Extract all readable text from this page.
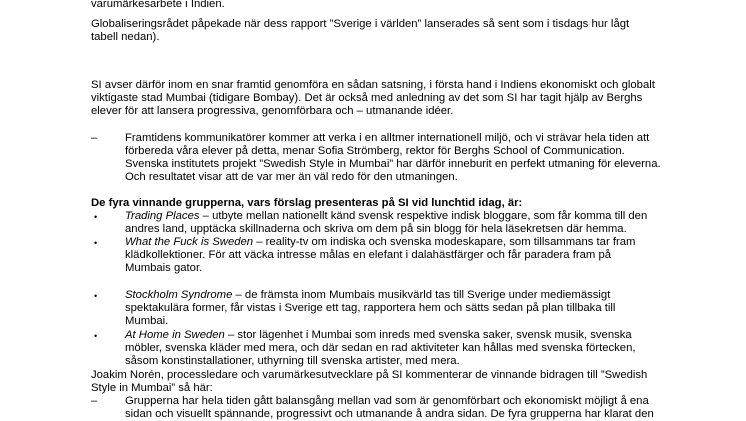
varumärkesarbete i Indien.

Globaliseringsrådet påpekade när dess rapport ”Sverige i världen” lanserades så sent som i tisdags hur lågt
tabell nedan).

SI avser därför inom en snar framtid genomföra en sådan satsning, i första hand i Indiens ekonomiskt och globalt
viktigaste stad Mumbai (tidigare Bombay). Det är också med anledning av det som SI har tagit hjälp av Berghs
elever för att lansera progressiva, genomförbara och – utmanande idéer.

– Framtidens kommunikatörer kommer att verka i en alltmer internationell miljö, och vi strävar hela tiden att
förbereda våra elever på detta, menar Sofia Strömberg, rektor för Berghs School of Communication.
Svenska institutets projekt ”Swedish Style in Mumbai” har därför inneburit en perfekt utmaning för eleverna.
Och resultatet visar att de var mer än väl redo för den utmaningen.

De fyra vinnande grupperna, vars förslag presenteras på SI vid lunchtid idag, är:

• Trading Places – utbyte mellan nationellt känd svensk respektive indisk bloggare, som får komma till den
andres land, upptäcka skillnaderna och skriva om dem på sin blogg för hela läsekretsen där hemma.

• What the Fuck is Sweden – reality-tv om indiska och svenska modeskapare, som tillsammans tar fram
klädkollektioner. För att väcka intresse målas en elefant i dalahästfärger och får paradera fram på
Mumbais gator.

• Stockholm Syndrome – de främsta inom Mumbais musikvärld tas till Sverige under mediemässigt
spektakulära former, får vistas i Sverige ett tag, rapportera hem och sätts sedan på plan tillbaka till
Mumbai.

• At Home in Sweden – stor lägenhet i Mumbai som inreds med svenska saker, svensk musik, svenska
möbler, svenska kläder med mera, och där sedan en rad aktiviteter kan hållas med svenska förtecken,
såsom konstinstallationer, uthyrning till svenska artister, med mera.

Joakim Norén, processledare och varumärkesutvecklare på SI kommenterar de vinnande bidragen till ”Swedish
Style in Mumbai” så här:

– Grupperna har hela tiden gått balansgång mellan vad som är genomförbart och ekonomiskt möjligt å ena
sidan och visuellt spännande, progressivt och utmanande å andra sidan. De fyra grupperna har klarat den
